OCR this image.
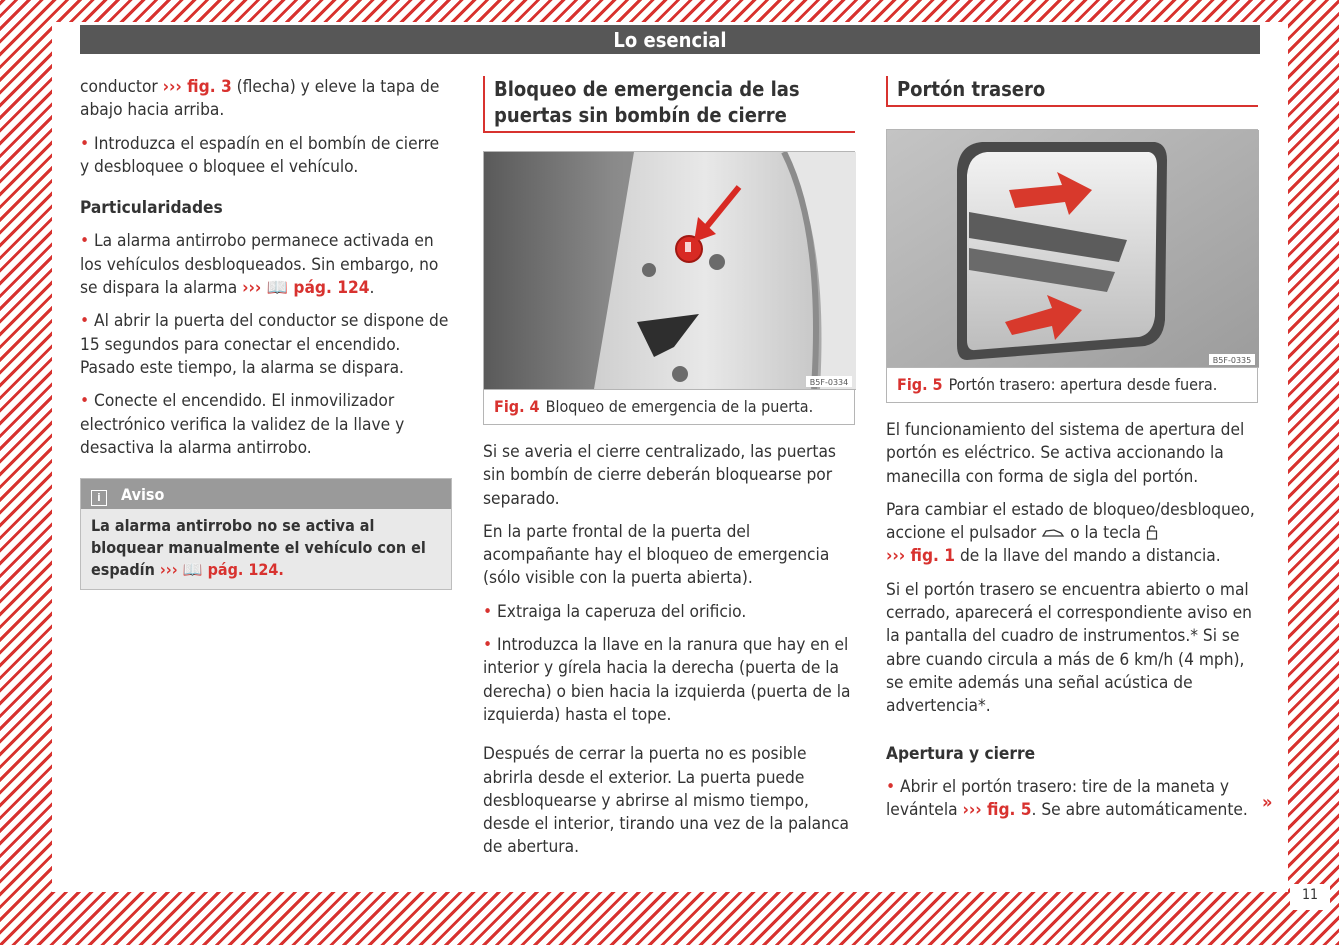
Lo esencial

conductor ››› fig. 3 (flecha) y eleve la tapa de abajo hacia arriba.

• Introduzca el espadín en el bombín de cierre y desbloquee o bloquee el vehículo.

Particularidades

• La alarma antirrobo permanece activada en los vehículos desbloqueados. Sin embargo, no se dispara la alarma ››› 📖 pág. 124.

• Al abrir la puerta del conductor se dispone de 15 segundos para conectar el encendido. Pasado este tiempo, la alarma se dispara.

• Conecte el encendido. El inmovilizador electrónico verifica la validez de la llave y desactiva la alarma antirrobo.

i Aviso
La alarma antirrobo no se activa al bloquear manualmente el vehículo con el espadín ››› 📖 pág. 124.
Bloqueo de emergencia de las puertas sin bombín de cierre
B5F-0334
Fig. 4 Bloqueo de emergencia de la puerta.

Si se averia el cierre centralizado, las puertas sin bombín de cierre deberán bloquearse por separado.

En la parte frontal de la puerta del acompañante hay el bloqueo de emergencia (sólo visible con la puerta abierta).

• Extraiga la caperuza del orificio.

• Introduzca la llave en la ranura que hay en el interior y gírela hacia la derecha (puerta de la derecha) o bien hacia la izquierda (puerta de la izquierda) hasta el tope.

Después de cerrar la puerta no es posible abrirla desde el exterior. La puerta puede desbloquearse y abrirse al mismo tiempo, desde el interior, tirando una vez de la palanca de abertura.

Portón trasero
B5F-0335
Fig. 5 Portón trasero: apertura desde fuera.

El funcionamiento del sistema de apertura del portón es eléctrico. Se activa accionando la manecilla con forma de sigla del portón.

Para cambiar el estado de bloqueo/desbloqueo, accione el pulsador  o la tecla
››› fig. 1 de la llave del mando a distancia.

Si el portón trasero se encuentra abierto o mal cerrado, aparecerá el correspondiente aviso en la pantalla del cuadro de instrumentos.* Si se abre cuando circula a más de 6 km/h (4 mph), se emite además una señal acústica de advertencia*.

Apertura y cierre

• Abrir el portón trasero: tire de la maneta y levántela ››› fig. 5. Se abre automáticamente. »
11
